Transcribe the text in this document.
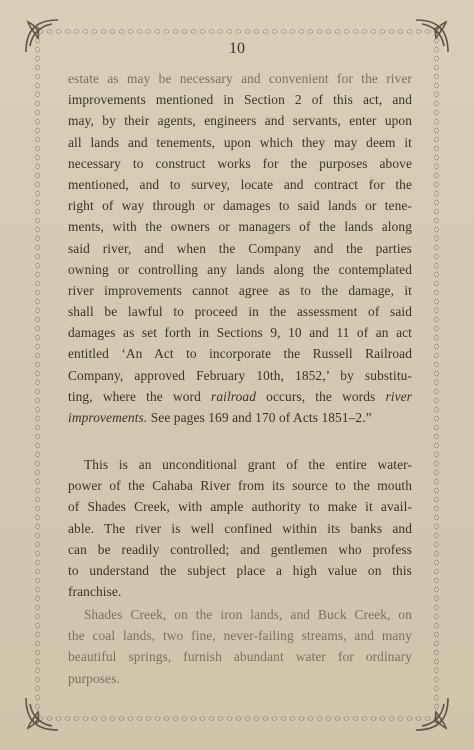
10
estate as may be necessary and convenient for the river
improvements mentioned in Section 2 of this act, and
may, by their agents, engineers and servants, enter upon
all lands and tenements, upon which they may deem it
necessary to construct works for the purposes above
mentioned, and to survey, locate and contract for the
right of way through or damages to said lands or tene-
ments, with the owners or managers of the lands along
said river, and when the Company and the parties
owning or controlling any lands along the contemplated
river improvements cannot agree as to the damage, it
shall be lawful to proceed in the assessment of said
damages as set forth in Sections 9, 10 and 11 of an act
entitled ‘An Act to incorporate the Russell Railroad
Company, approved February 10th, 1852,’ by substitu-
ting, where the word railroad occurs, the words river
improvements. See pages 169 and 170 of Acts 1851–2.”
This is an unconditional grant of the entire water-
power of the Cahaba River from its source to the mouth
of Shades Creek, with ample authority to make it avail-
able. The river is well confined within its banks and
can be readily controlled; and gentlemen who profess
to understand the subject place a high value on this
franchise.
Shades Creek, on the iron lands, and Buck Creek, on
the coal lands, two fine, never-failing streams, and many
beautiful springs, furnish abundant water for ordinary
purposes.
